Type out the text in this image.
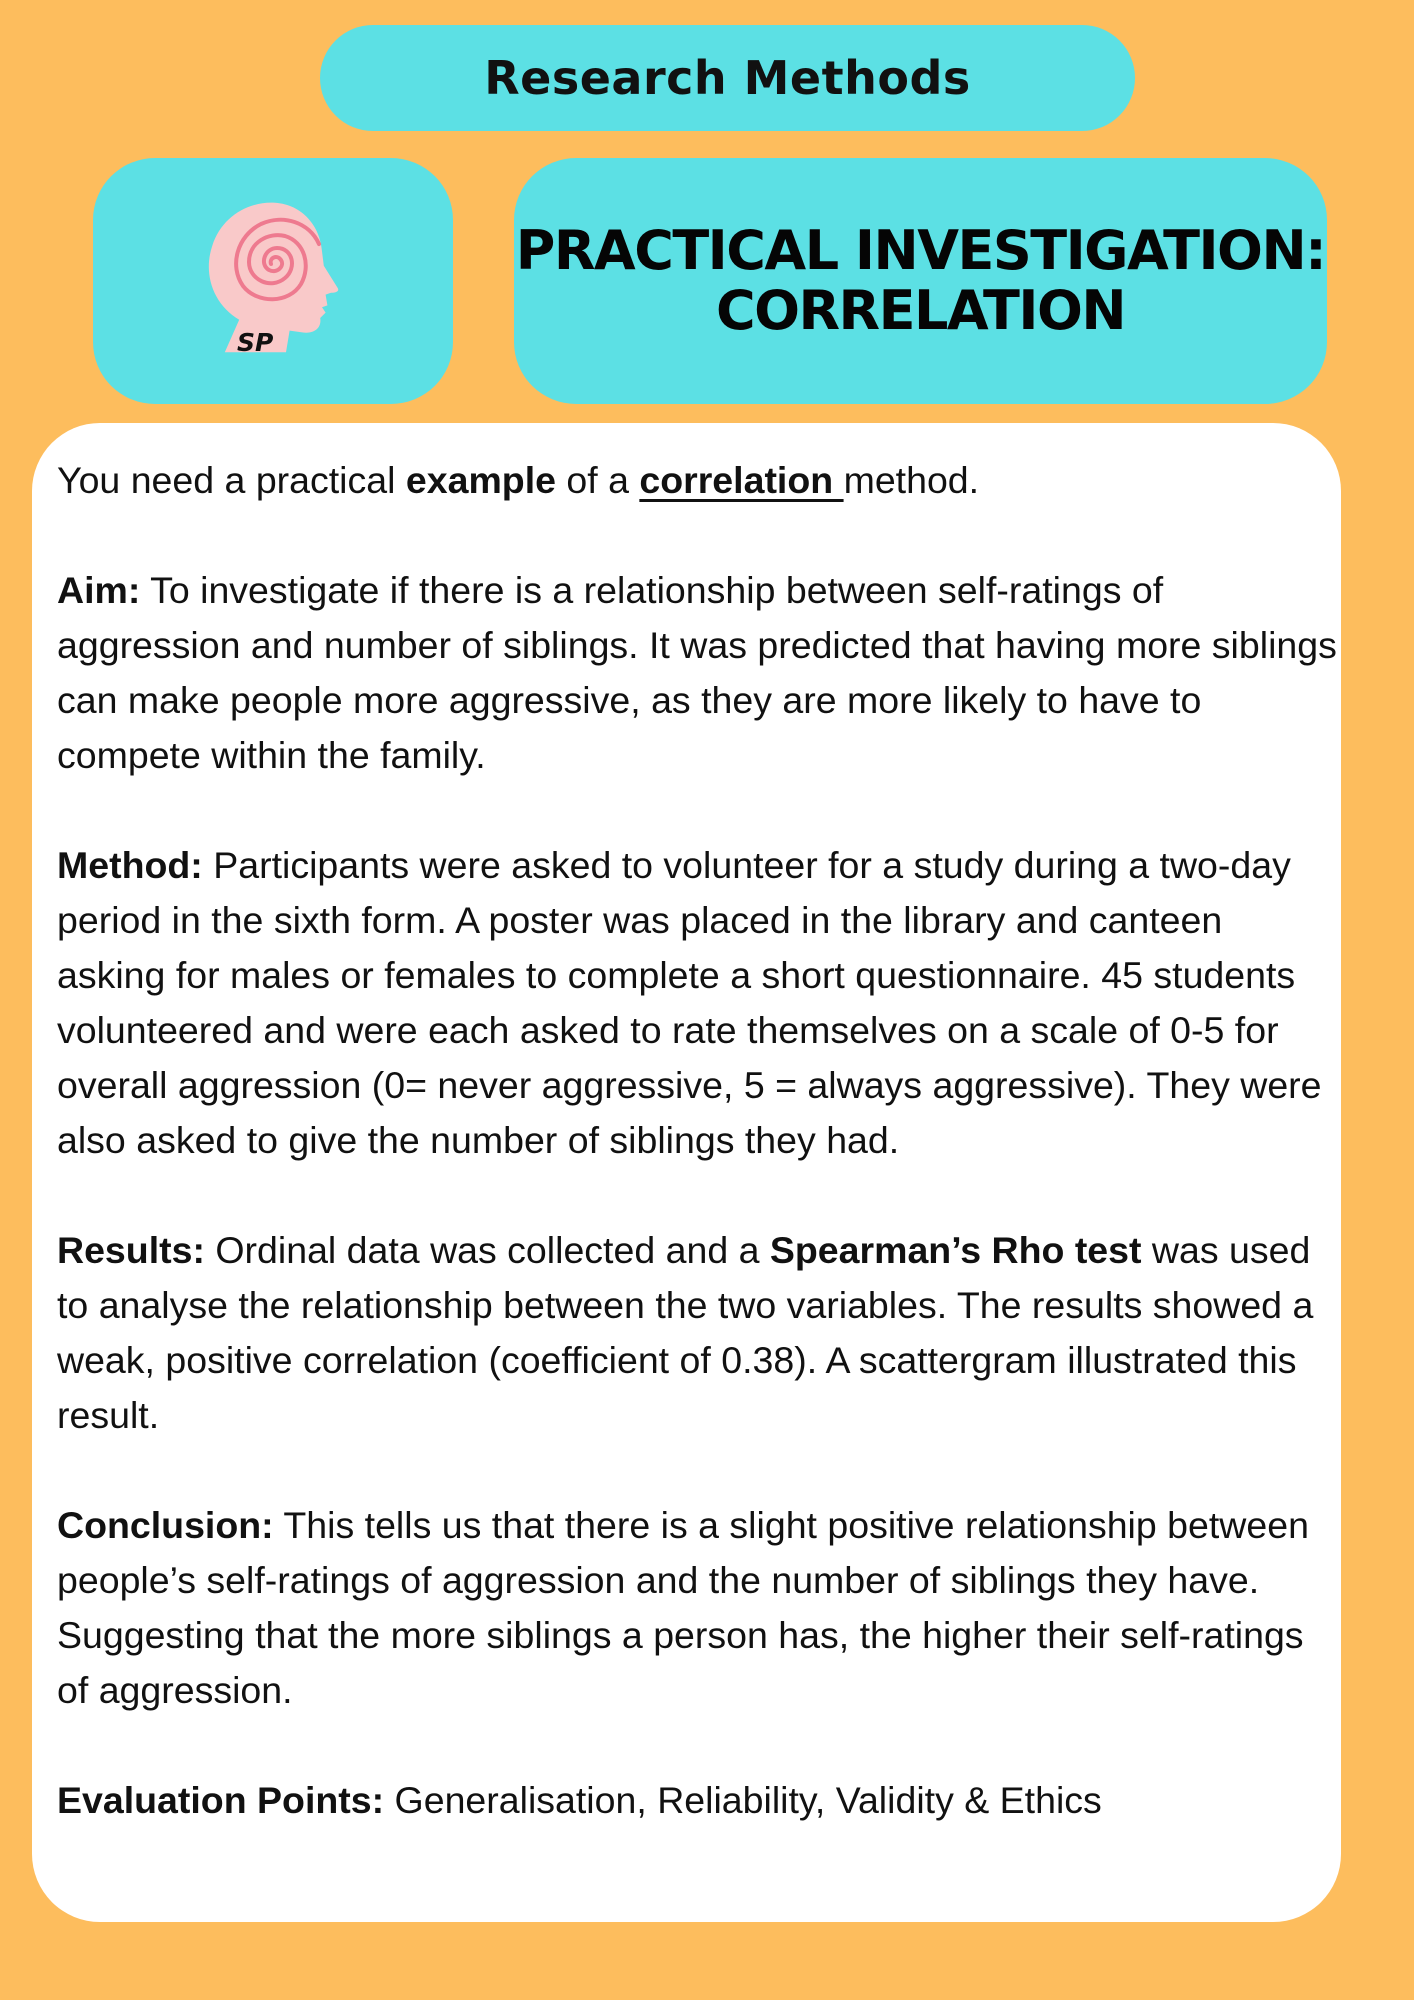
Research Methods
SP
PRACTICAL INVESTIGATION:
CORRELATION

You need a practical example of a correlation method.

Aim: To investigate if there is a relationship between self-ratings of aggression and number of siblings. It was predicted that having more siblings can make people more aggressive, as they are more likely to have to compete within the family.

Method: Participants were asked to volunteer for a study during a two-day period in the sixth form. A poster was placed in the library and canteen asking for males or females to complete a short questionnaire. 45 students volunteered and were each asked to rate themselves on a scale of 0-5 for overall aggression (0= never aggressive, 5 = always aggressive). They were also asked to give the number of siblings they had.

Results: Ordinal data was collected and a Spearman’s Rho test was used to analyse the relationship between the two variables. The results showed a weak, positive correlation (coefficient of 0.38). A scattergram illustrated this result.

Conclusion: This tells us that there is a slight positive relationship between people’s self-ratings of aggression and the number of siblings they have. Suggesting that the more siblings a person has, the higher their self-ratings of aggression.

Evaluation Points: Generalisation, Reliability, Validity & Ethics
